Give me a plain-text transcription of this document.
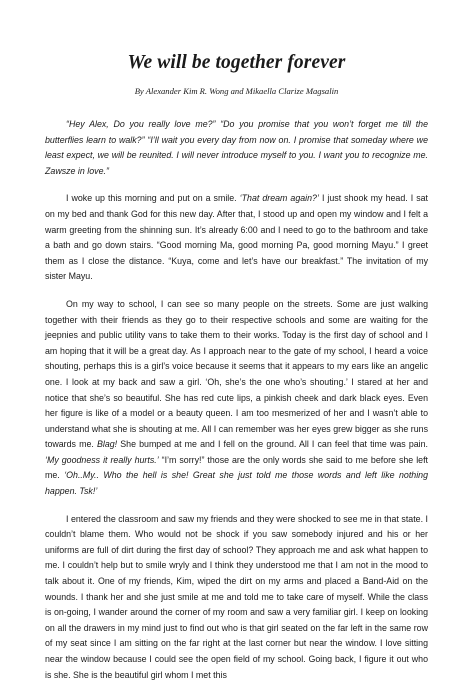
We will be together forever
By Alexander Kim R. Wong and Mikaella Clarize Magsalin

“Hey Alex, Do you really love me?” “Do you promise that you won’t forget me till the butterflies learn to walk?” “I’ll wait you every day from now on. I promise that someday where we least expect, we will be reunited. I will never introduce myself to you. I want you to recognize me. Zawsze in love.”

I woke up this morning and put on a smile. ‘That dream again?’ I just shook my head. I sat on my bed and thank God for this new day. After that, I stood up and open my window and I felt a warm greeting from the shinning sun. It’s already 6:00 and I need to go to the bathroom and take a bath and go down stairs. “Good morning Ma, good morning Pa, good morning Mayu.” I greet them as I close the distance. “Kuya, come and let’s have our breakfast.” The invitation of my sister Mayu.

On my way to school, I can see so many people on the streets. Some are just walking together with their friends as they go to their respective schools and some are waiting for the jeepnies and public utility vans to take them to their works. Today is the first day of school and I am hoping that it will be a great day. As I approach near to the gate of my school, I heard a voice shouting, perhaps this is a girl’s voice because it seems that it appears to my ears like an angelic one. I look at my back and saw a girl. ‘Oh, she’s the one who’s shouting.’ I stared at her and notice that she’s so beautiful. She has red cute lips, a pinkish cheek and dark black eyes. Even her figure is like of a model or a beauty queen. I am too mesmerized of her and I wasn’t able to understand what she is shouting at me. All I can remember was her eyes grew bigger as she runs towards me. Blag! She bumped at me and I fell on the ground. All I can feel that time was pain. ‘My goodness it really hurts.’ “I’m sorry!” those are the only words she said to me before she left me. ‘Oh..My.. Who the hell is she! Great she just told me those words and left like nothing happen. Tsk!’

I entered the classroom and saw my friends and they were shocked to see me in that state. I couldn’t blame them. Who would not be shock if you saw somebody injured and his or her uniforms are full of dirt during the first day of school? They approach me and ask what happen to me. I couldn’t help but to smile wryly and I think they understood me that I am not in the mood to talk about it. One of my friends, Kim, wiped the dirt on my arms and placed a Band-Aid on the wounds. I thank her and she just smile at me and told me to take care of myself. While the class is on-going, I wander around the corner of my room and saw a very familiar girl. I keep on looking on all the drawers in my mind just to find out who is that girl seated on the far left in the same row of my seat since I am sitting on the far right at the last corner but near the window. I love sitting near the window because I could see the open field of my school. Going back, I figure it out who is she. She is the beautiful girl whom I met this
